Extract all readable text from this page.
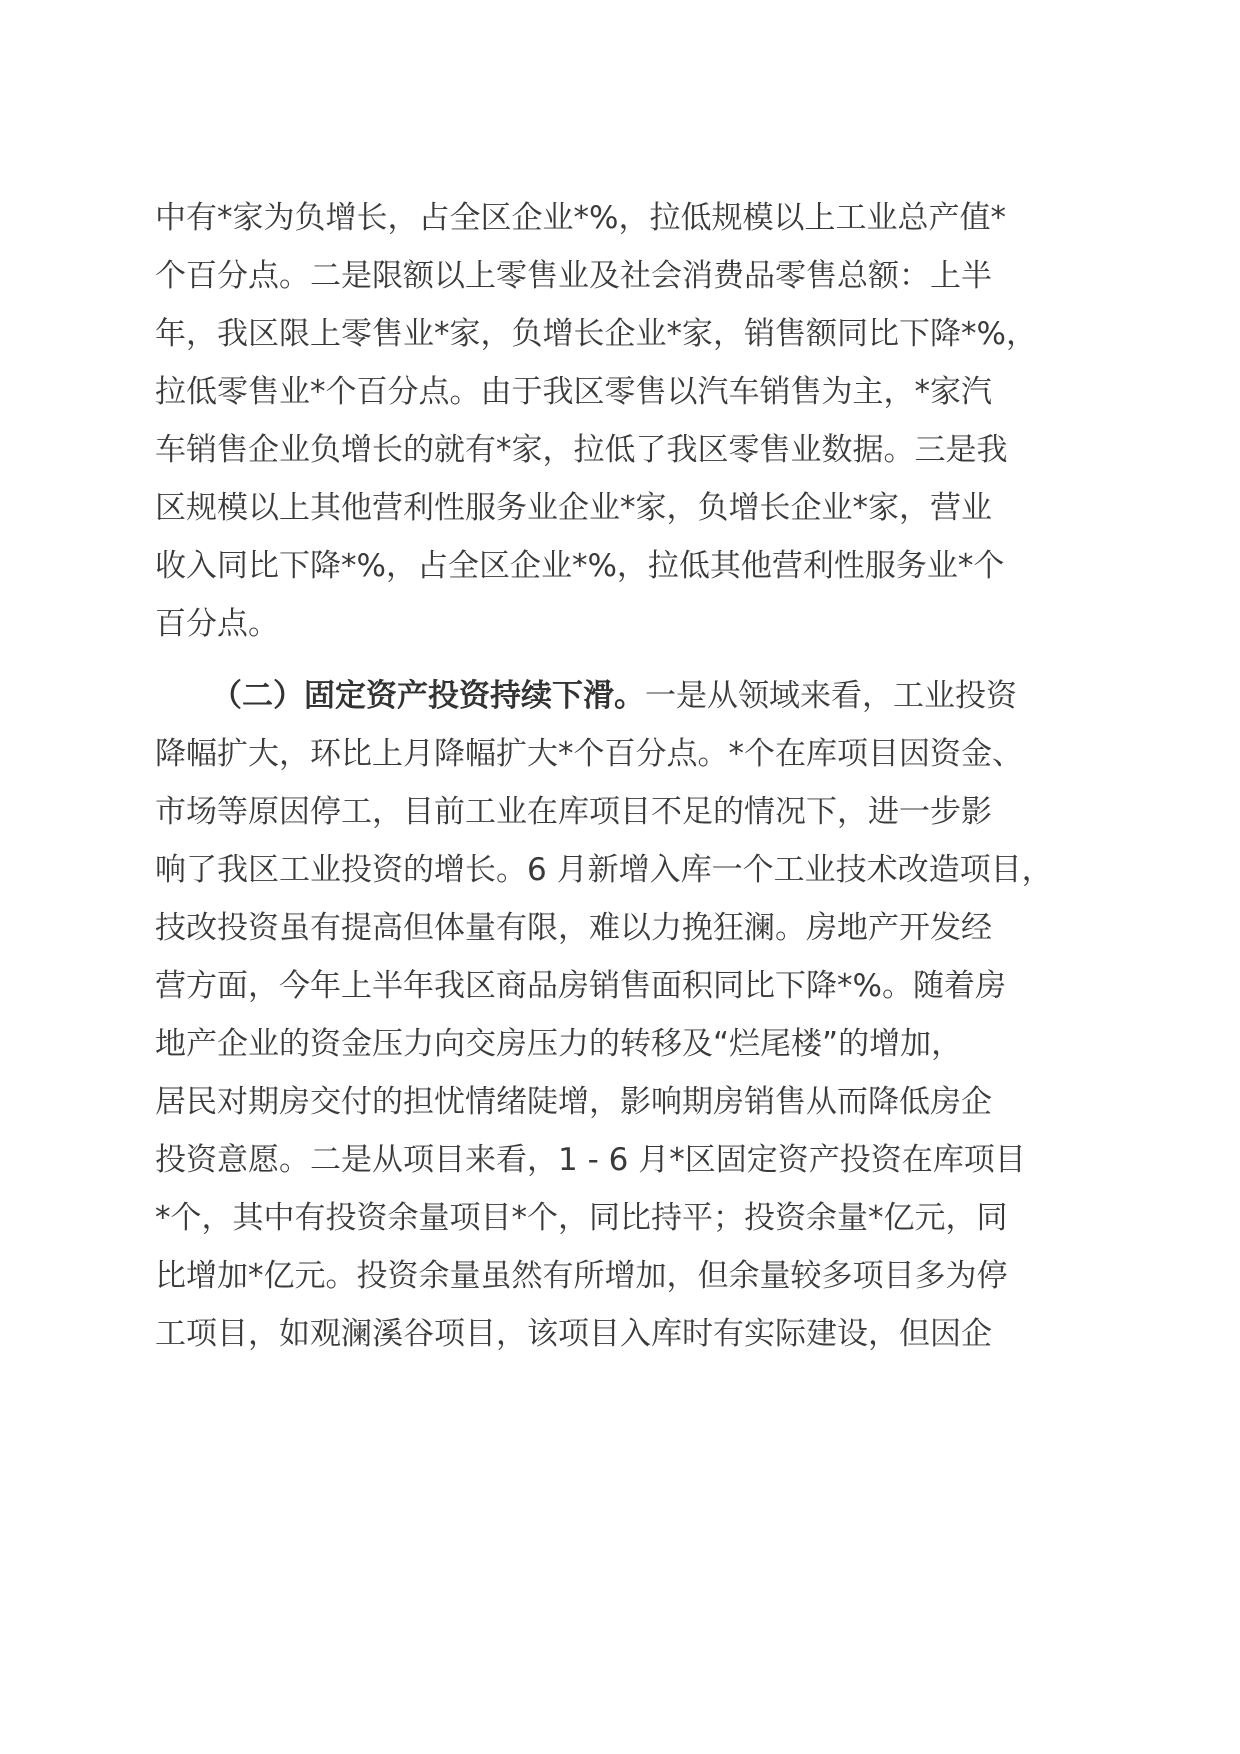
中有*家为负增长，占全区企业*%，拉低规模以上工业总产值*
个百分点。二是限额以上零售业及社会消费品零售总额：上半
年，我区限上零售业*家，负增长企业*家，销售额同比下降*%，
拉低零售业*个百分点。由于我区零售以汽车销售为主，*家汽
车销售企业负增长的就有*家，拉低了我区零售业数据。三是我
区规模以上其他营利性服务业企业*家，负增长企业*家，营业
收入同比下降*%，占全区企业*%，拉低其他营利性服务业*个
百分点。
（二）固定资产投资持续下滑。一是从领域来看，工业投资
降幅扩大，环比上月降幅扩大*个百分点。*个在库项目因资金、
市场等原因停工，目前工业在库项目不足的情况下，进一步影
响了我区工业投资的增长。6 月新增入库一个工业技术改造项目，
技改投资虽有提高但体量有限，难以力挽狂澜。房地产开发经
营方面，今年上半年我区商品房销售面积同比下降*%。随着房
地产企业的资金压力向交房压力的转移及“烂尾楼”的增加，
居民对期房交付的担忧情绪陡增，影响期房销售从而降低房企
投资意愿。二是从项目来看，1 - 6 月*区固定资产投资在库项目
*个，其中有投资余量项目*个，同比持平；投资余量*亿元，同
比增加*亿元。投资余量虽然有所增加，但余量较多项目多为停
工项目，如观澜溪谷项目，该项目入库时有实际建设，但因企
